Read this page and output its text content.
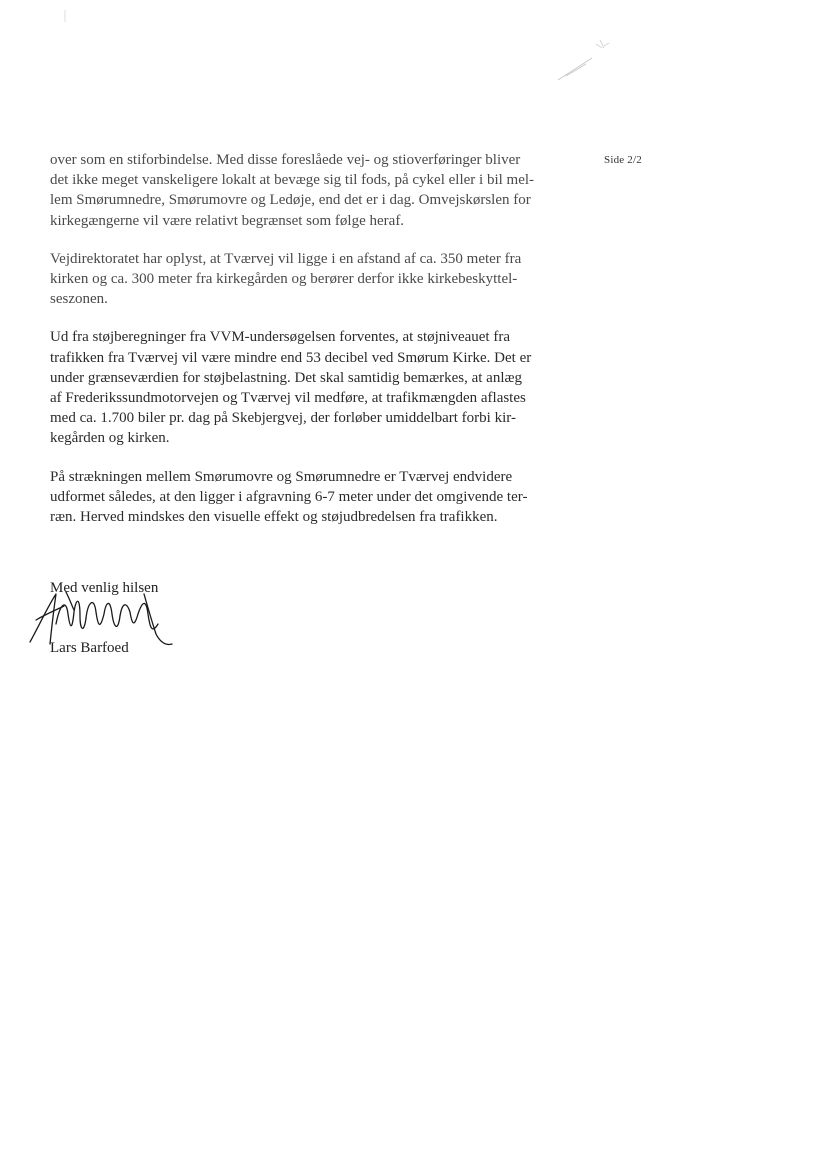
Side 2/2

over som en stiforbindelse. Med disse foreslåede vej- og stioverføringer bliver
det ikke meget vanskeligere lokalt at bevæge sig til fods, på cykel eller i bil mel-
lem Smørumnedre, Smørumovre og Ledøje, end det er i dag. Omvejskørslen for
kirkegængerne vil være relativt begrænset som følge heraf.

Vejdirektoratet har oplyst, at Tværvej vil ligge i en afstand af ca. 350 meter fra
kirken og ca. 300 meter fra kirkegården og berører derfor ikke kirkebeskyttel-
seszonen.

Ud fra støjberegninger fra VVM-undersøgelsen forventes, at støjniveauet fra
trafikken fra Tværvej vil være mindre end 53 decibel ved Smørum Kirke. Det er
under grænseværdien for støjbelastning. Det skal samtidig bemærkes, at anlæg
af Frederikssundmotorvejen og Tværvej vil medføre, at trafikmængden aflastes
med ca. 1.700 biler pr. dag på Skebjergvej, der forløber umiddelbart forbi kir-
kegården og kirken.

På strækningen mellem Smørumovre og Smørumnedre er Tværvej endvidere
udformet således, at den ligger i afgravning 6-7 meter under det omgivende ter-
ræn. Herved mindskes den visuelle effekt og støjudbredelsen fra trafikken.

Med venlig hilsen
Lars Barfoed
